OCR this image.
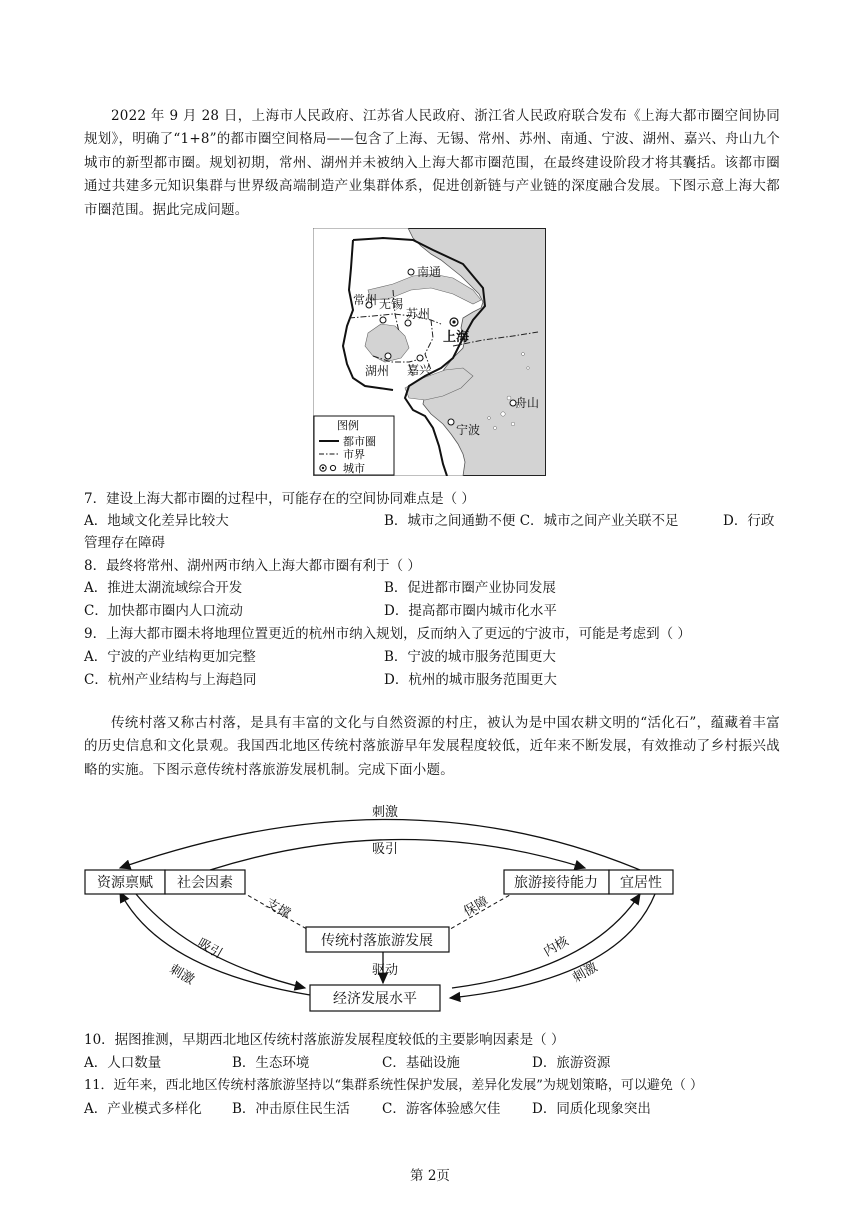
2022 年 9 月 28 日，上海市人民政府、江苏省人民政府、浙江省人民政府联合发布《上海大都市圈空间协同规划》，明确了“1+8”的都市圈空间格局——包含了上海、无锡、常州、苏州、南通、宁波、湖州、嘉兴、舟山九个城市的新型都市圈。规划初期，常州、湖州并未被纳入上海大都市圈范围，在最终建设阶段才将其囊括。该都市圈通过共建多元知识集群与世界级高端制造产业集群体系，促进创新链与产业链的深度融合发展。下图示意上海大都市圈范围。据此完成问题。
南通
常州 无锡
苏州
上海
湖州 嘉兴
舟山
宁波
图例
都市圈
市界
城市
7．建设上海大都市圈的过程中，可能存在的空间协同难点是（ ）
A．地域文化差异比较大	B．城市之间通勤不便 C．城市之间产业关联不足	D．行政
管理存在障碍
8．最终将常州、湖州两市纳入上海大都市圈有利于（ ）
A．推进太湖流域综合开发	B．促进都市圈产业协同发展
C．加快都市圈内人口流动	D．提高都市圈内城市化水平
9．上海大都市圈未将地理位置更近的杭州市纳入规划，反而纳入了更远的宁波市，可能是考虑到（ ）
A．宁波的产业结构更加完整	B．宁波的城市服务范围更大
C．杭州产业结构与上海趋同	D．杭州的城市服务范围更大
传统村落又称古村落，是具有丰富的文化与自然资源的村庄，被认为是中国农耕文明的“活化石”，蕴藏着丰富的历史信息和文化景观。我国西北地区传统村落旅游早年发展程度较低，近年来不断发展，有效推动了乡村振兴战略的实施。下图示意传统村落旅游发展机制。完成下面小题。
资源禀赋 社会因素	旅游接待能力 宜居性
传统村落旅游发展
经济发展水平
刺激
吸引
支撑	保障
驱动
吸引
刺激
内核
刺激
10．据图推测，早期西北地区传统村落旅游发展程度较低的主要影响因素是（ ）
A．人口数量	B．生态环境	C．基础设施	D．旅游资源
11．近年来，西北地区传统村落旅游坚持以“集群系统性保护发展，差异化发展”为规划策略，可以避免（ ）
A．产业模式多样化 B．冲击原住民生活 C．游客体验感欠佳 D．同质化现象突出
第 2页
